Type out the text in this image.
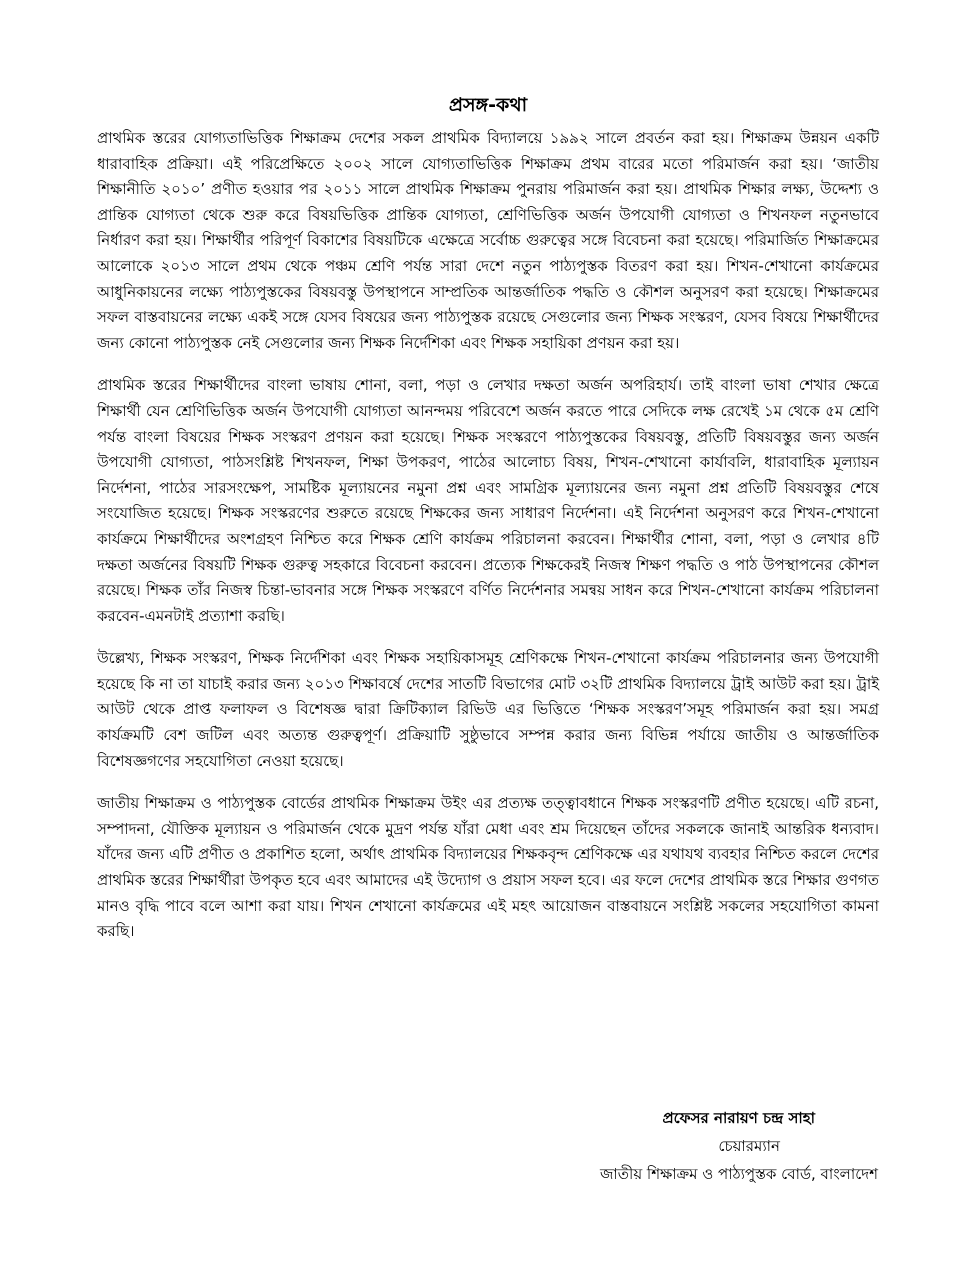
প্রসঙ্গ-কথা

প্রাথমিক স্তরের যোগ্যতাভিত্তিক শিক্ষাক্রম দেশের সকল প্রাথমিক বিদ্যালয়ে ১৯৯২ সালে প্রবর্তন করা হয়। শিক্ষাক্রম উন্নয়ন একটি ধারাবাহিক প্রক্রিয়া। এই পরিপ্রেক্ষিতে ২০০২ সালে যোগ্যতাভিত্তিক শিক্ষাক্রম প্রথম বারের মতো পরিমার্জন করা হয়। ‘জাতীয় শিক্ষানীতি ২০১০’ প্রণীত হওয়ার পর ২০১১ সালে প্রাথমিক শিক্ষাক্রম পুনরায় পরিমার্জন করা হয়। প্রাথমিক শিক্ষার লক্ষ্য, উদ্দেশ্য ও প্রান্তিক যোগ্যতা থেকে শুরু করে বিষয়ভিত্তিক প্রান্তিক যোগ্যতা, শ্রেণিভিত্তিক অর্জন উপযোগী যোগ্যতা ও শিখনফল নতুনভাবে নির্ধারণ করা হয়। শিক্ষার্থীর পরিপূর্ণ বিকাশের বিষয়টিকে এক্ষেত্রে সর্বোচ্চ গুরুত্বের সঙ্গে বিবেচনা করা হয়েছে। পরিমার্জিত শিক্ষাক্রমের আলোকে ২০১৩ সালে প্রথম থেকে পঞ্চম শ্রেণি পর্যন্ত সারা দেশে নতুন পাঠ্যপুস্তক বিতরণ করা হয়। শিখন-শেখানো কার্যক্রমের আধুনিকায়নের লক্ষ্যে পাঠ্যপুস্তকের বিষয়বস্তু উপস্থাপনে সাম্প্রতিক আন্তর্জাতিক পদ্ধতি ও কৌশল অনুসরণ করা হয়েছে। শিক্ষাক্রমের সফল বাস্তবায়নের লক্ষ্যে একই সঙ্গে যেসব বিষয়ের জন্য পাঠ্যপুস্তক রয়েছে সেগুলোর জন্য শিক্ষক সংস্করণ, যেসব বিষয়ে শিক্ষার্থীদের জন্য কোনো পাঠ্যপুস্তক নেই সেগুলোর জন্য শিক্ষক নির্দেশিকা এবং শিক্ষক সহায়িকা প্রণয়ন করা হয়।

প্রাথমিক স্তরের শিক্ষার্থীদের বাংলা ভাষায় শোনা, বলা, পড়া ও লেখার দক্ষতা অর্জন অপরিহার্য। তাই বাংলা ভাষা শেখার ক্ষেত্রে শিক্ষার্থী যেন শ্রেণিভিত্তিক অর্জন উপযোগী যোগ্যতা আনন্দময় পরিবেশে অর্জন করতে পারে সেদিকে লক্ষ রেখেই ১ম থেকে ৫ম শ্রেণি পর্যন্ত বাংলা বিষয়ের শিক্ষক সংস্করণ প্রণয়ন করা হয়েছে। শিক্ষক সংস্করণে পাঠ্যপুস্তকের বিষয়বস্তু, প্রতিটি বিষয়বস্তুর জন্য অর্জন উপযোগী যোগ্যতা, পাঠসংশ্লিষ্ট শিখনফল, শিক্ষা উপকরণ, পাঠের আলোচ্য বিষয়, শিখন-শেখানো কার্যাবলি, ধারাবাহিক মূল্যায়ন নির্দেশনা, পাঠের সারসংক্ষেপ, সামষ্টিক মূল্যায়নের নমুনা প্রশ্ন এবং সামগ্রিক মূল্যায়নের জন্য নমুনা প্রশ্ন প্রতিটি বিষয়বস্তুর শেষে সংযোজিত হয়েছে। শিক্ষক সংস্করণের শুরুতে রয়েছে শিক্ষকের জন্য সাধারণ নির্দেশনা। এই নির্দেশনা অনুসরণ করে শিখন-শেখানো কার্যক্রমে শিক্ষার্থীদের অংশগ্রহণ নিশ্চিত করে শিক্ষক শ্রেণি কার্যক্রম পরিচালনা করবেন। শিক্ষার্থীর শোনা, বলা, পড়া ও লেখার ৪টি দক্ষতা অর্জনের বিষয়টি শিক্ষক গুরুত্ব সহকারে বিবেচনা করবেন। প্রত্যেক শিক্ষকেরই নিজস্ব শিক্ষণ পদ্ধতি ও পাঠ উপস্থাপনের কৌশল রয়েছে। শিক্ষক তাঁর নিজস্ব চিন্তা-ভাবনার সঙ্গে শিক্ষক সংস্করণে বর্ণিত নির্দেশনার সমন্বয় সাধন করে শিখন-শেখানো কার্যক্রম পরিচালনা করবেন-এমনটাই প্রত্যাশা করছি।

উল্লেখ্য, শিক্ষক সংস্করণ, শিক্ষক নির্দেশিকা এবং শিক্ষক সহায়িকাসমূহ শ্রেণিকক্ষে শিখন-শেখানো কার্যক্রম পরিচালনার জন্য উপযোগী হয়েছে কি না তা যাচাই করার জন্য ২০১৩ শিক্ষাবর্ষে দেশের সাতটি বিভাগের মোট ৩২টি প্রাথমিক বিদ্যালয়ে ট্রাই আউট করা হয়। ট্রাই আউট থেকে প্রাপ্ত ফলাফল ও বিশেষজ্ঞ দ্বারা ক্রিটিক্যাল রিভিউ এর ভিত্তিতে ‘শিক্ষক সংস্করণ’সমূহ পরিমার্জন করা হয়। সমগ্র কার্যক্রমটি বেশ জটিল এবং অত্যন্ত গুরুত্বপূর্ণ। প্রক্রিয়াটি সুষ্ঠুভাবে সম্পন্ন করার জন্য বিভিন্ন পর্যায়ে জাতীয় ও আন্তর্জাতিক বিশেষজ্ঞগণের সহযোগিতা নেওয়া হয়েছে।

জাতীয় শিক্ষাক্রম ও পাঠ্যপুস্তক বোর্ডের প্রাথমিক শিক্ষাক্রম উইং এর প্রত্যক্ষ তত্ত্বাবধানে শিক্ষক সংস্করণটি প্রণীত হয়েছে। এটি রচনা, সম্পাদনা, যৌক্তিক মূল্যায়ন ও পরিমার্জন থেকে মুদ্রণ পর্যন্ত যাঁরা মেধা এবং শ্রম দিয়েছেন তাঁদের সকলকে জানাই আন্তরিক ধন্যবাদ। যাঁদের জন্য এটি প্রণীত ও প্রকাশিত হলো, অর্থাৎ প্রাথমিক বিদ্যালয়ের শিক্ষকবৃন্দ শ্রেণিকক্ষে এর যথাযথ ব্যবহার নিশ্চিত করলে দেশের প্রাথমিক স্তরের শিক্ষার্থীরা উপকৃত হবে এবং আমাদের এই উদ্যোগ ও প্রয়াস সফল হবে। এর ফলে দেশের প্রাথমিক স্তরে শিক্ষার গুণগত মানও বৃদ্ধি পাবে বলে আশা করা যায়। শিখন শেখানো কার্যক্রমের এই মহৎ আয়োজন বাস্তবায়নে সংশ্লিষ্ট সকলের সহযোগিতা কামনা করছি।

প্রফেসর নারায়ণ চন্দ্র সাহা
চেয়ারম্যান
জাতীয় শিক্ষাক্রম ও পাঠ্যপুস্তক বোর্ড, বাংলাদেশ
